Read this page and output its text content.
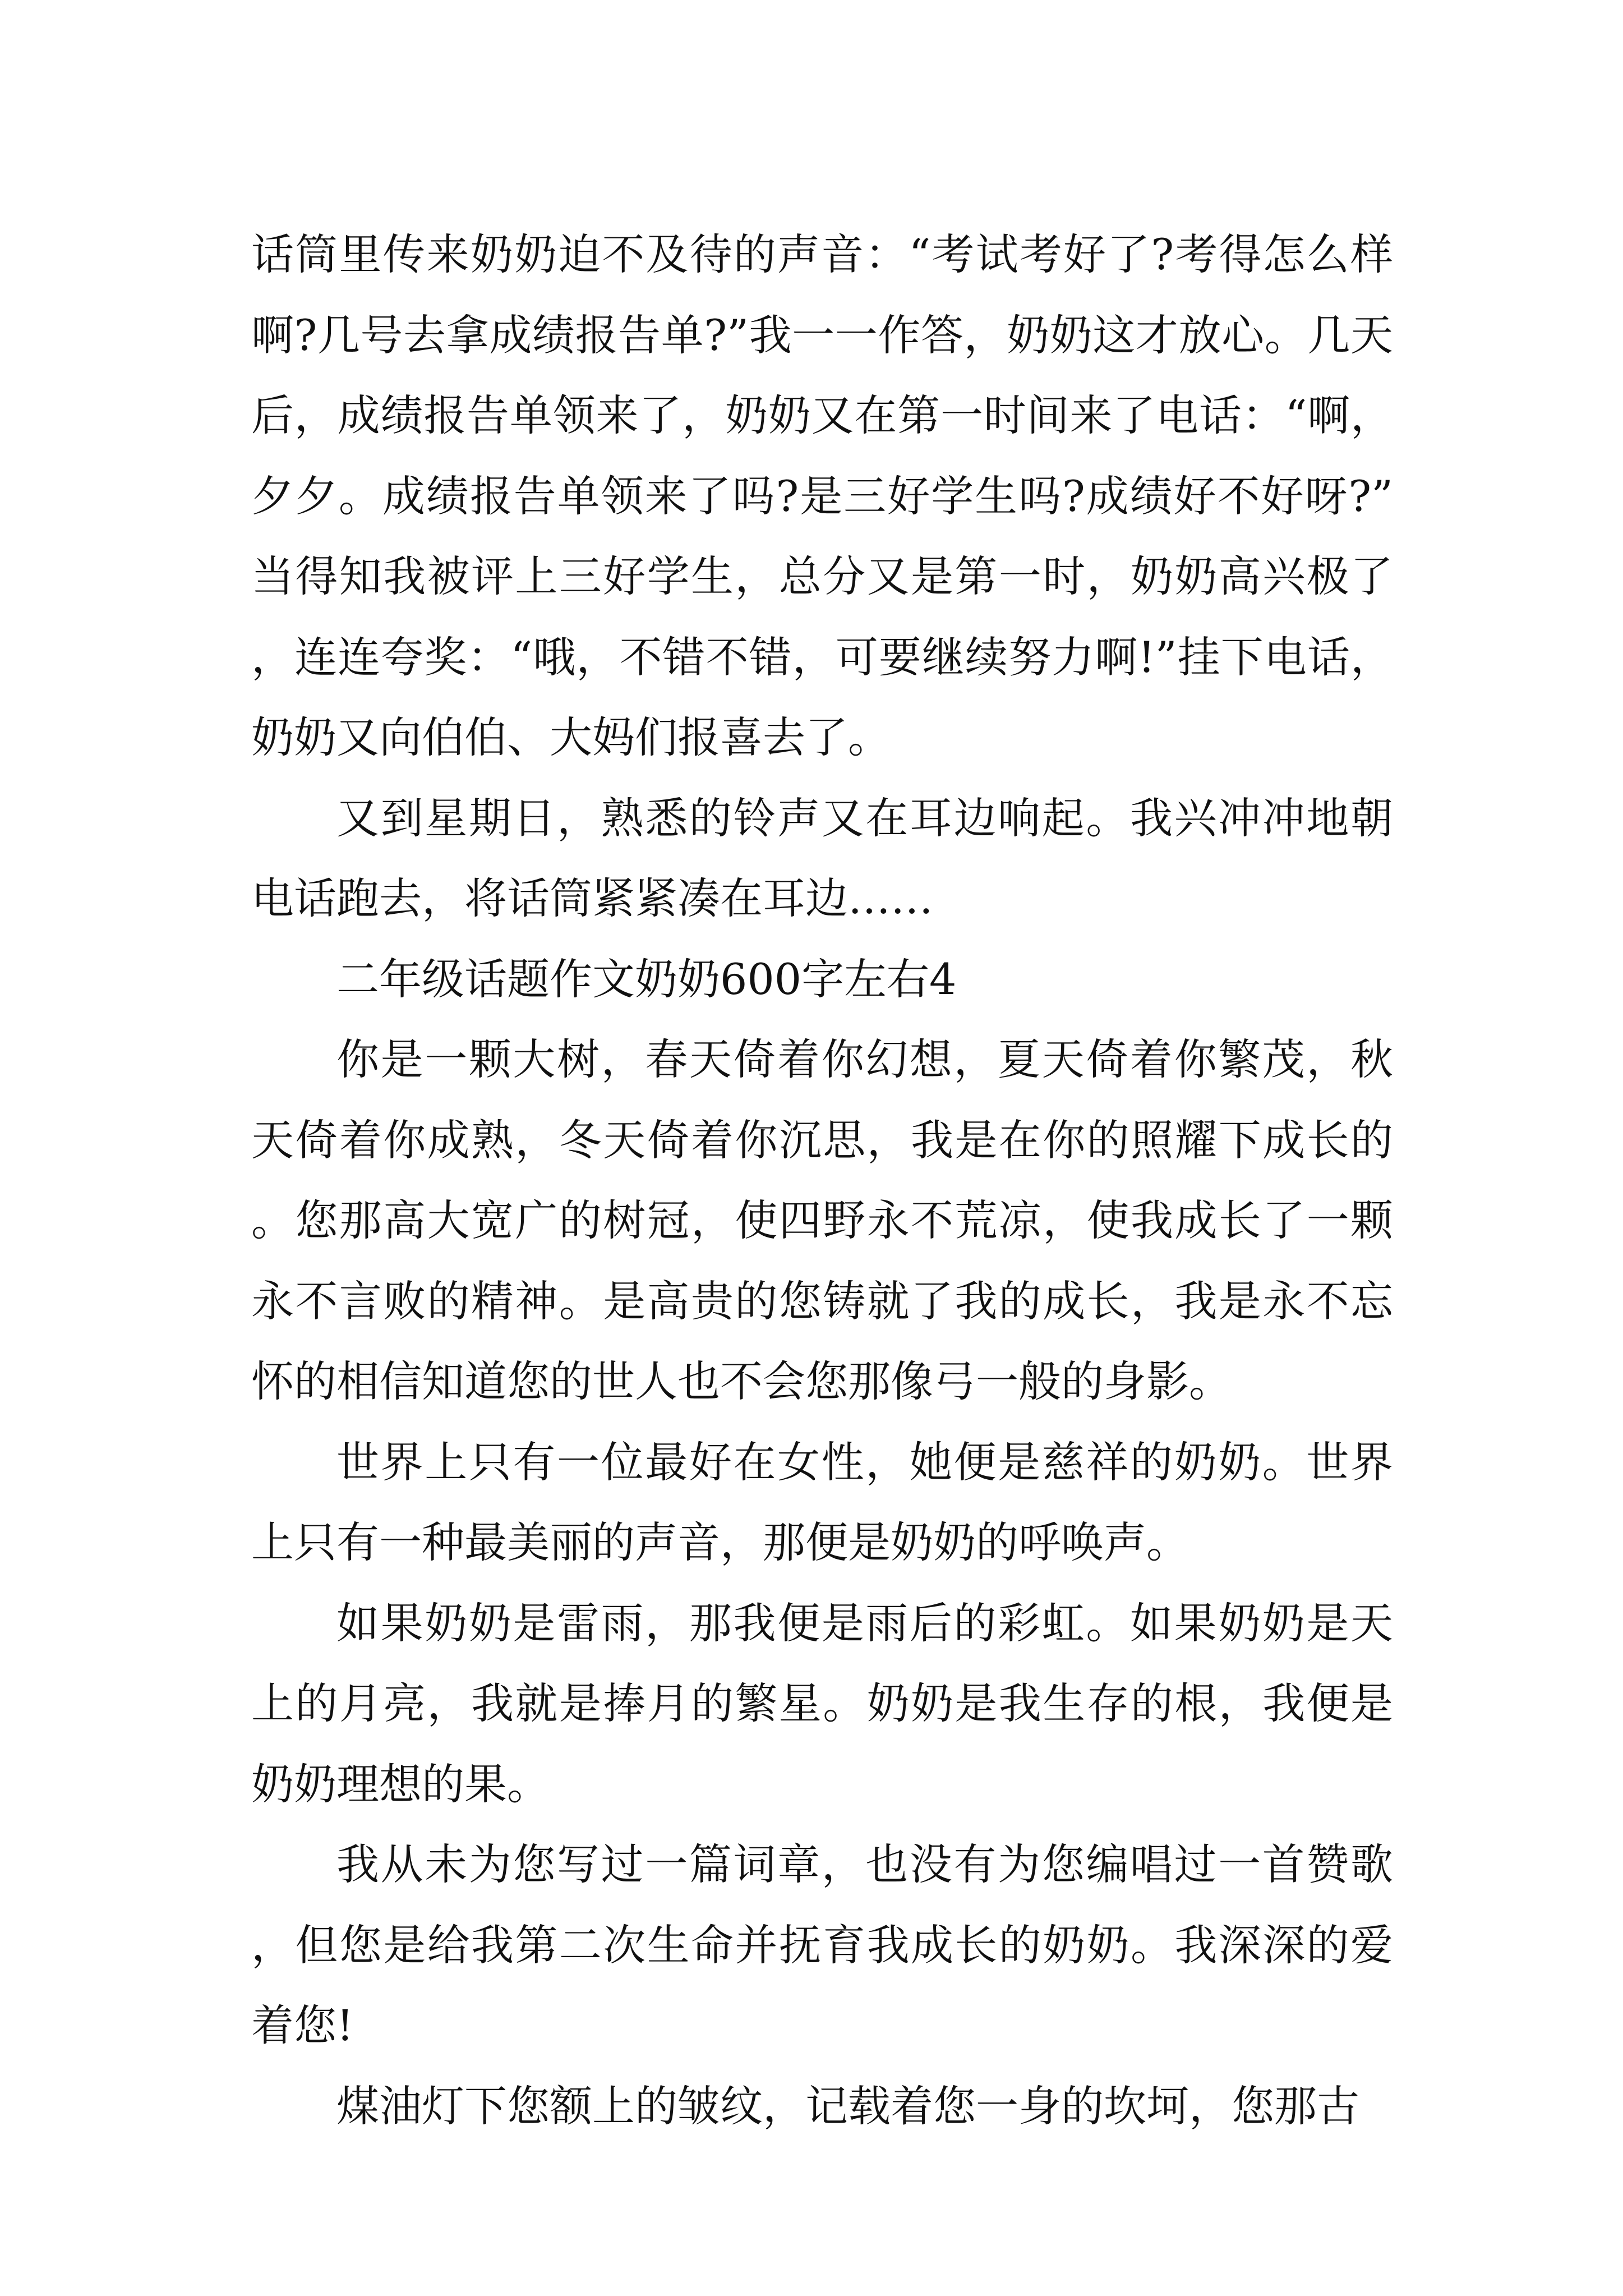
话筒里传来奶奶迫不及待的声音：“考试考好了?考得怎么样啊?几号去拿成绩报告单?”我一一作答，奶奶这才放心。几天后，成绩报告单领来了，奶奶又在第一时间来了电话：“啊，夕夕。成绩报告单领来了吗?是三好学生吗?成绩好不好呀?”当得知我被评上三好学生，总分又是第一时，奶奶高兴极了，连连夸奖：“哦，不错不错，可要继续努力啊!”挂下电话，奶奶又向伯伯、大妈们报喜去了。

又到星期日，熟悉的铃声又在耳边响起。我兴冲冲地朝电话跑去，将话筒紧紧凑在耳边……

二年级话题作文奶奶600字左右4

你是一颗大树，春天倚着你幻想，夏天倚着你繁茂，秋天倚着你成熟，冬天倚着你沉思，我是在你的照耀下成长的。您那高大宽广的树冠，使四野永不荒凉，使我成长了一颗永不言败的精神。是高贵的您铸就了我的成长，我是永不忘怀的相信知道您的世人也不会您那像弓一般的身影。

世界上只有一位最好在女性，她便是慈祥的奶奶。世界上只有一种最美丽的声音，那便是奶奶的呼唤声。

如果奶奶是雷雨，那我便是雨后的彩虹。如果奶奶是天上的月亮，我就是捧月的繁星。奶奶是我生存的根，我便是奶奶理想的果。

我从未为您写过一篇词章，也没有为您编唱过一首赞歌，但您是给我第二次生命并抚育我成长的奶奶。我深深的爱着您!

煤油灯下您额上的皱纹，记载着您一身的坎坷，您那古
